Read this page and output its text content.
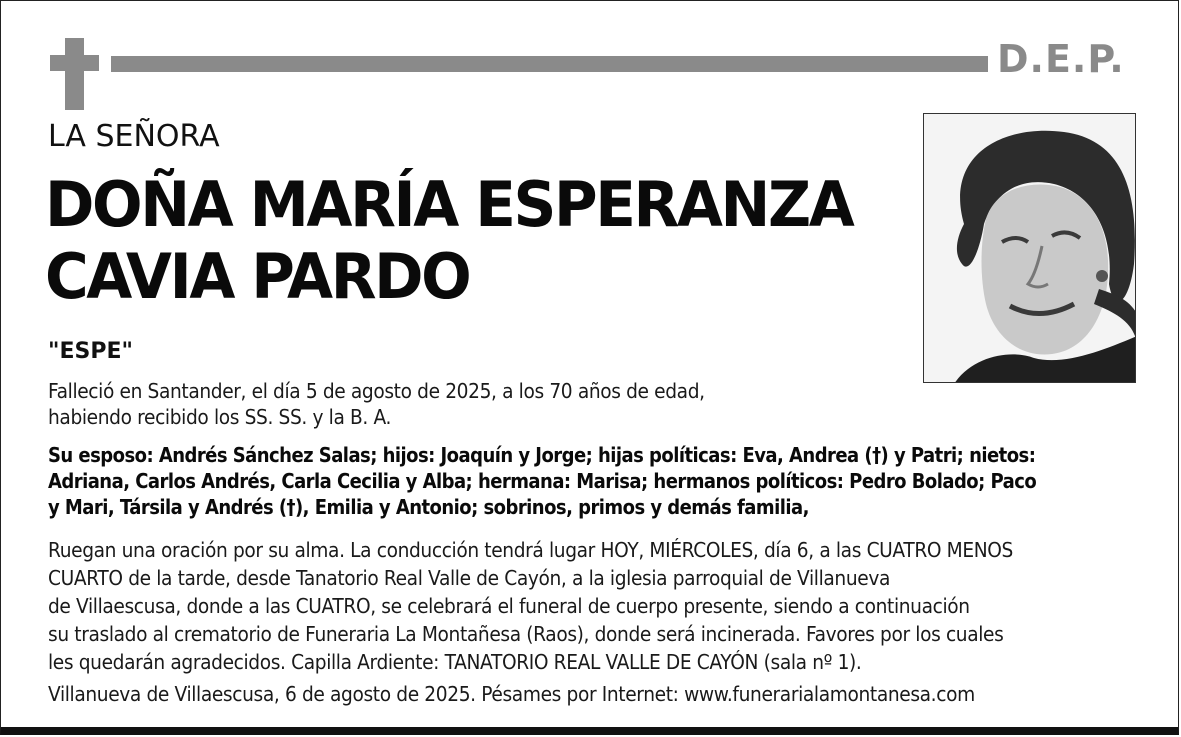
D.E.P.
LA SEÑORA
DOÑA MARÍA ESPERANZA
CAVIA PARDO
"ESPE"
Falleció en Santander, el día 5 de agosto de 2025, a los 70 años de edad,
habiendo recibido los SS. SS. y la B. A.
Su esposo: Andrés Sánchez Salas; hijos: Joaquín y Jorge; hijas políticas: Eva, Andrea (†) y Patri; nietos:
Adriana, Carlos Andrés, Carla Cecilia y Alba; hermana: Marisa; hermanos políticos: Pedro Bolado; Paco
y Mari, Társila y Andrés (†), Emilia y Antonio; sobrinos, primos y demás familia,
Ruegan una oración por su alma. La conducción tendrá lugar HOY, MIÉRCOLES, día 6, a las CUATRO MENOS
CUARTO de la tarde, desde Tanatorio Real Valle de Cayón, a la iglesia parroquial de Villanueva
de Villaescusa, donde a las CUATRO, se celebrará el funeral de cuerpo presente, siendo a continuación
su traslado al crematorio de Funeraria La Montañesa (Raos), donde será incinerada. Favores por los cuales
les quedarán agradecidos. Capilla Ardiente: TANATORIO REAL VALLE DE CAYÓN (sala nº 1).
Villanueva de Villaescusa, 6 de agosto de 2025. Pésames por Internet: www.funerarialamontanesa.com
